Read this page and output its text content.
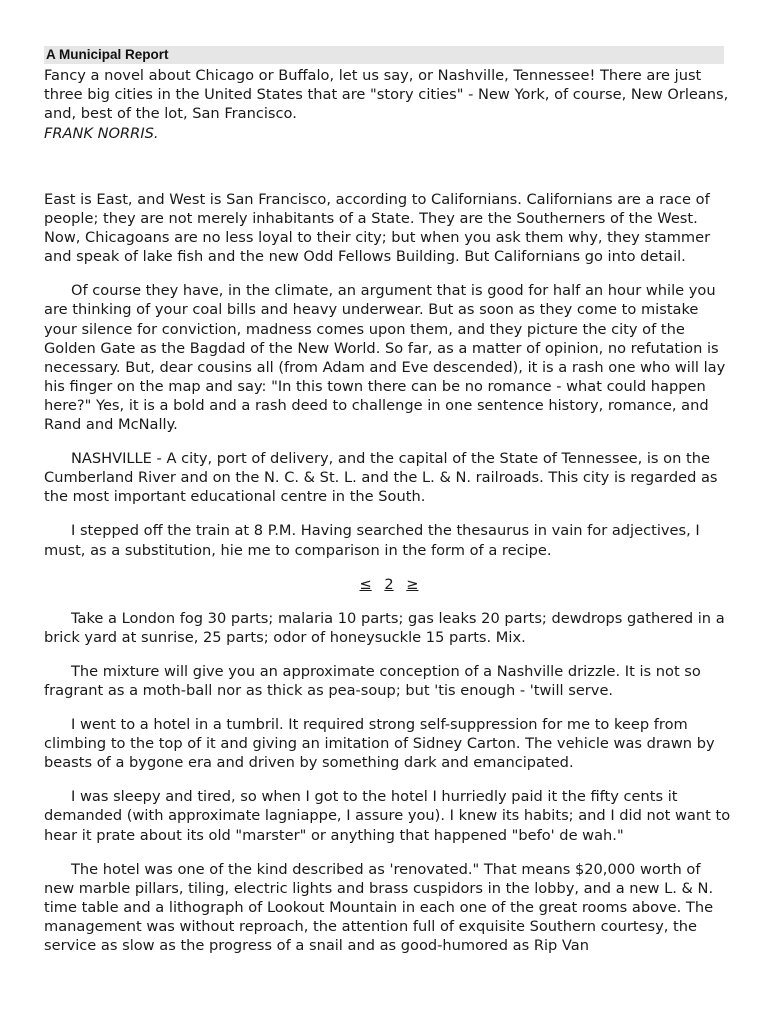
A Municipal Report
Fancy a novel about Chicago or Buffalo, let us say, or Nashville, Tennessee! There are just three big cities in the United States that are "story cities" - New York, of course, New Orleans, and, best of the lot, San Francisco.
FRANK NORRIS.

East is East, and West is San Francisco, according to Californians. Californians are a race of people; they are not merely inhabitants of a State. They are the Southerners of the West. Now, Chicagoans are no less loyal to their city; but when you ask them why, they stammer and speak of lake fish and the new Odd Fellows Building. But Californians go into detail.

Of course they have, in the climate, an argument that is good for half an hour while you are thinking of your coal bills and heavy underwear. But as soon as they come to mistake your silence for conviction, madness comes upon them, and they picture the city of the Golden Gate as the Bagdad of the New World. So far, as a matter of opinion, no refutation is necessary. But, dear cousins all (from Adam and Eve descended), it is a rash one who will lay his finger on the map and say: "In this town there can be no romance - what could happen here?" Yes, it is a bold and a rash deed to challenge in one sentence history, romance, and Rand and McNally.

NASHVILLE - A city, port of delivery, and the capital of the State of Tennessee, is on the Cumberland River and on the N. C. & St. L. and the L. & N. railroads. This city is regarded as the most important educational centre in the South.

I stepped off the train at 8 P.M. Having searched the thesaurus in vain for adjectives, I must, as a substitution, hie me to comparison in the form of a recipe.

≤ 2 ≥

Take a London fog 30 parts; malaria 10 parts; gas leaks 20 parts; dewdrops gathered in a brick yard at sunrise, 25 parts; odor of honeysuckle 15 parts. Mix.

The mixture will give you an approximate conception of a Nashville drizzle. It is not so fragrant as a moth-ball nor as thick as pea-soup; but 'tis enough - 'twill serve.

I went to a hotel in a tumbril. It required strong self-suppression for me to keep from climbing to the top of it and giving an imitation of Sidney Carton. The vehicle was drawn by beasts of a bygone era and driven by something dark and emancipated.

I was sleepy and tired, so when I got to the hotel I hurriedly paid it the fifty cents it demanded (with approximate lagniappe, I assure you). I knew its habits; and I did not want to hear it prate about its old "marster" or anything that happened "befo' de wah."

The hotel was one of the kind described as 'renovated." That means $20,000 worth of new marble pillars, tiling, electric lights and brass cuspidors in the lobby, and a new L. & N. time table and a lithograph of Lookout Mountain in each one of the great rooms above. The management was without reproach, the attention full of exquisite Southern courtesy, the service as slow as the progress of a snail and as good-humored as Rip Van
